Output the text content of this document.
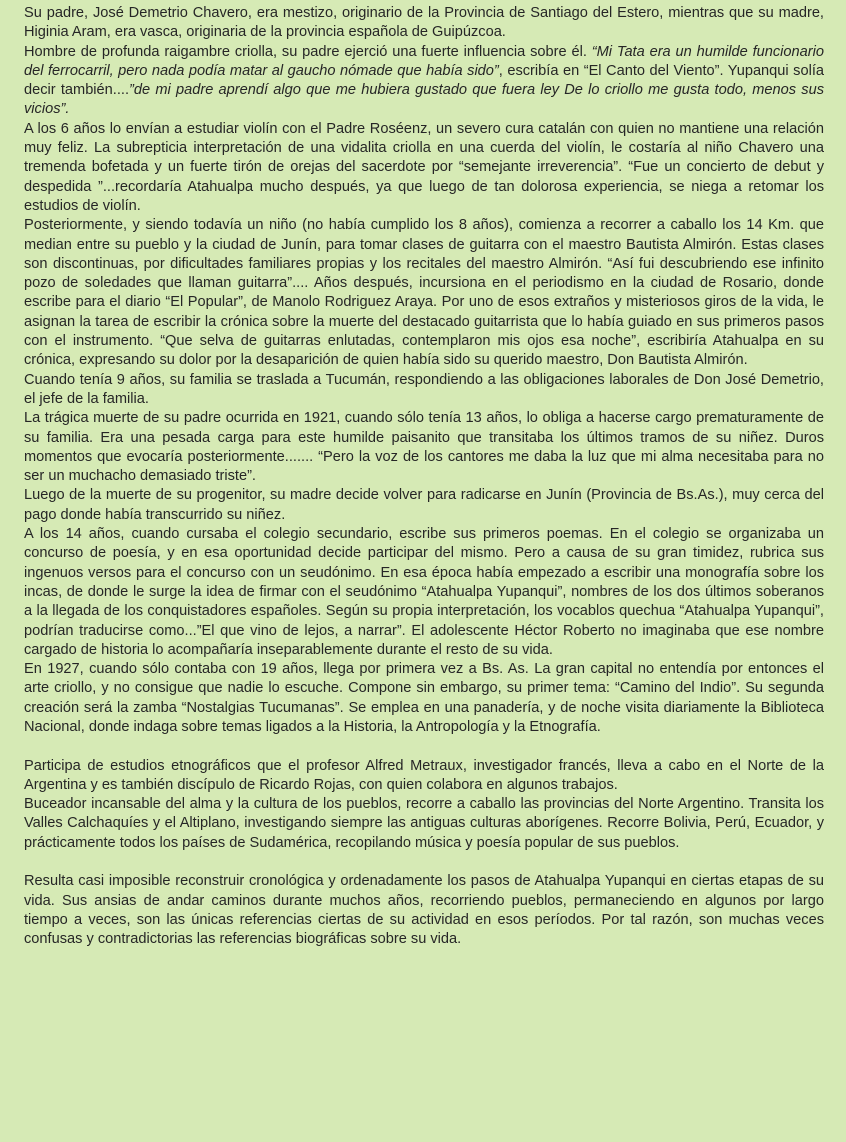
Su padre, José Demetrio Chavero, era mestizo, originario de la Provincia de Santiago del Estero, mientras que su madre, Higinia Aram, era vasca, originaria de la provincia española de Guipúzcoa.

Hombre de profunda raigambre criolla, su padre ejerció una fuerte influencia sobre él. “Mi Tata era un humilde funcionario del ferrocarril, pero nada podía matar al gaucho nómade que había sido”, escribía en “El Canto del Viento”. Yupanqui solía decir también....”de mi padre aprendí algo que me hubiera gustado que fuera ley De lo criollo me gusta todo, menos sus vicios”.

A los 6 años lo envían a estudiar violín con el Padre Roséenz, un severo cura catalán con quien no mantiene una relación muy feliz. La subrepticia interpretación de una vidalita criolla en una cuerda del violín, le costaría al niño Chavero una tremenda bofetada y un fuerte tirón de orejas del sacerdote por “semejante irreverencia”. “Fue un concierto de debut y despedida ”...recordaría Atahualpa mucho después, ya que luego de tan dolorosa experiencia, se niega a retomar los estudios de violín.

Posteriormente, y siendo todavía un niño (no había cumplido los 8 años), comienza a recorrer a caballo los 14 Km. que median entre su pueblo y la ciudad de Junín, para tomar clases de guitarra con el maestro Bautista Almirón. Estas clases son discontinuas, por dificultades familiares propias y los recitales del maestro Almirón. “Así fui descubriendo ese infinito pozo de soledades que llaman guitarra”.... Años después, incursiona en el periodismo en la ciudad de Rosario, donde escribe para el diario “El Popular”, de Manolo Rodriguez Araya. Por uno de esos extraños y misteriosos giros de la vida, le asignan la tarea de escribir la crónica sobre la muerte del destacado guitarrista que lo había guiado en sus primeros pasos con el instrumento. “Que selva de guitarras enlutadas, contemplaron mis ojos esa noche”, escribiría Atahualpa en su crónica, expresando su dolor por la desaparición de quien había sido su querido maestro, Don Bautista Almirón.

Cuando tenía 9 años, su familia se traslada a Tucumán, respondiendo a las obligaciones laborales de Don José Demetrio, el jefe de la familia.

La trágica muerte de su padre ocurrida en 1921, cuando sólo tenía 13 años, lo obliga a hacerse cargo prematuramente de su familia. Era una pesada carga para este humilde paisanito que transitaba los últimos tramos de su niñez. Duros momentos que evocaría posteriormente....... “Pero la voz de los cantores me daba la luz que mi alma necesitaba para no ser un muchacho demasiado triste”.

Luego de la muerte de su progenitor, su madre decide volver para radicarse en Junín (Provincia de Bs.As.), muy cerca del pago donde había transcurrido su niñez.

A los 14 años, cuando cursaba el colegio secundario, escribe sus primeros poemas. En el colegio se organizaba un concurso de poesía, y en esa oportunidad decide participar del mismo. Pero a causa de su gran timidez, rubrica sus ingenuos versos para el concurso con un seudónimo. En esa época había empezado a escribir una monografía sobre los incas, de donde le surge la idea de firmar con el seudónimo “Atahualpa Yupanqui”, nombres de los dos últimos soberanos a la llegada de los conquistadores españoles. Según su propia interpretación, los vocablos quechua “Atahualpa Yupanqui”, podrían traducirse como...”El que vino de lejos, a narrar”. El adolescente Héctor Roberto no imaginaba que ese nombre cargado de historia lo acompañaría inseparablemente durante el resto de su vida.

En 1927, cuando sólo contaba con 19 años, llega por primera vez a Bs. As. La gran capital no entendía por entonces el arte criollo, y no consigue que nadie lo escuche. Compone sin embargo, su primer tema: “Camino del Indio”. Su segunda creación será la zamba “Nostalgias Tucumanas”. Se emplea en una panadería, y de noche visita diariamente la Biblioteca Nacional, donde indaga sobre temas ligados a la Historia, la Antropología y la Etnografía.

Participa de estudios etnográficos que el profesor Alfred Metraux, investigador francés, lleva a cabo en el Norte de la Argentina y es también discípulo de Ricardo Rojas, con quien colabora en algunos trabajos.

Buceador incansable del alma y la cultura de los pueblos, recorre a caballo las provincias del Norte Argentino. Transita los Valles Calchaquíes y el Altiplano, investigando siempre las antiguas culturas aborígenes. Recorre Bolivia, Perú, Ecuador, y prácticamente todos los países de Sudamérica, recopilando música y poesía popular de sus pueblos.

Resulta casi imposible reconstruir cronológica y ordenadamente los pasos de Atahualpa Yupanqui en ciertas etapas de su vida. Sus ansias de andar caminos durante muchos años, recorriendo pueblos, permaneciendo en algunos por largo tiempo a veces, son las únicas referencias ciertas de su actividad en esos períodos. Por tal razón, son muchas veces confusas y contradictorias las referencias biográficas sobre su vida.
